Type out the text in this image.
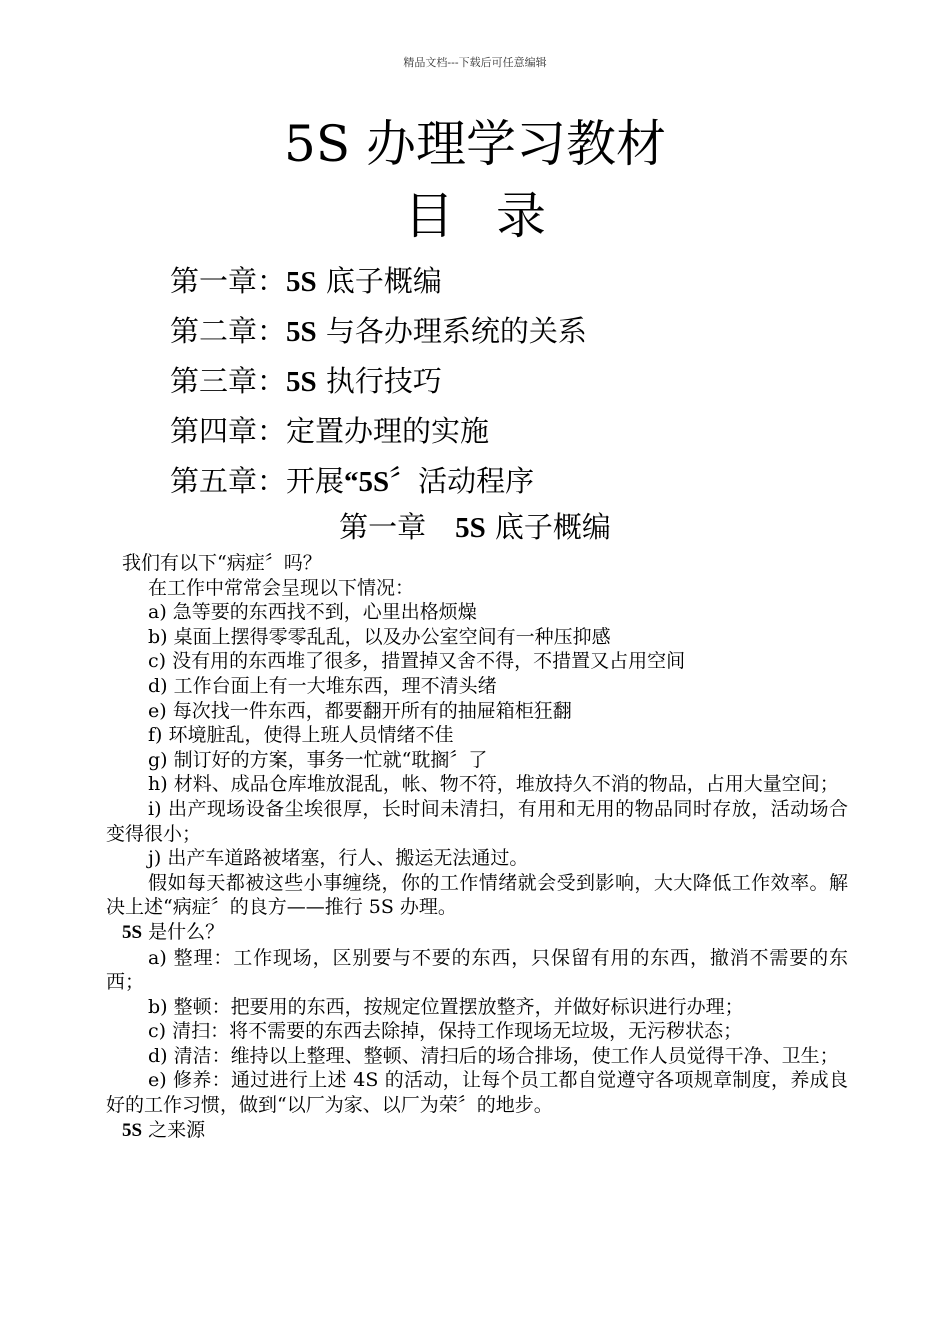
精品文档---下载后可任意编辑
5S 办理学习教材
目录
第一章：5S 底子概编
第二章：5S 与各办理系统的关系
第三章：5S 执行技巧
第四章：定置办理的实施
第五章：开展“5S〞活动程序
第一章　5S 底子概编

我们有以下“病症〞吗？

在工作中常常会呈现以下情况：

a) 急等要的东西找不到，心里出格烦燥

b) 桌面上摆得零零乱乱，以及办公室空间有一种压抑感

c) 没有用的东西堆了很多，措置掉又舍不得，不措置又占用空间

d) 工作台面上有一大堆东西，理不清头绪

e) 每次找一件东西，都要翻开所有的抽屉箱柜狂翻

f) 环境脏乱，使得上班人员情绪不佳

g) 制订好的方案，事务一忙就“耽搁〞了

h) 材料、成品仓库堆放混乱，帐、物不符，堆放持久不消的物品，占用大量空间；

i) 出产现场设备尘埃很厚，长时间未清扫，有用和无用的物品同时存放，活动场合变得很小；

j) 出产车道路被堵塞，行人、搬运无法通过。

假如每天都被这些小事缠绕，你的工作情绪就会受到影响，大大降低工作效率。解决上述“病症〞的良方——推行 5S 办理。

5S 是什么？

a) 整理：工作现场，区别要与不要的东西，只保留有用的东西，撤消不需要的东西；

b) 整顿：把要用的东西，按规定位置摆放整齐，并做好标识进行办理；

c) 清扫：将不需要的东西去除掉，保持工作现场无垃圾，无污秽状态；

d) 清洁：维持以上整理、整顿、清扫后的场合排场，使工作人员觉得干净、卫生；

e) 修养：通过进行上述 4S 的活动，让每个员工都自觉遵守各项规章制度，养成良好的工作习惯，做到“以厂为家、以厂为荣〞的地步。

5S 之来源
